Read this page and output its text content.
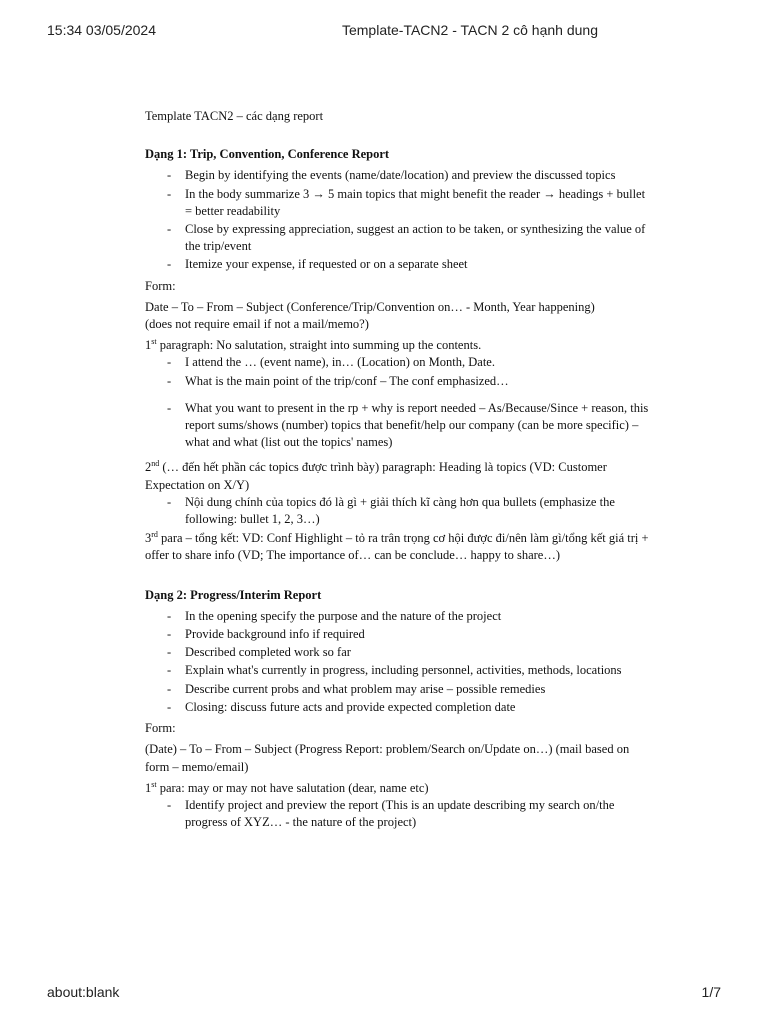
15:34 03/05/2024	Template-TACN2 - TACN 2 cô hạnh dung

Template TACN2 – các dạng report

Dạng 1: Trip, Convention, Conference Report

- Begin by identifying the events (name/date/location) and preview the discussed topics
- In the body summarize 3 → 5 main topics that might benefit the reader → headings + bullet = better readability
- Close by expressing appreciation, suggest an action to be taken, or synthesizing the value of the trip/event
- Itemize your expense, if requested or on a separate sheet

Form:

Date – To – From – Subject (Conference/Trip/Convention on… - Month, Year happening)

(does not require email if not a mail/memo?)

1st paragraph: No salutation, straight into summing up the contents.

- I attend the … (event name), in… (Location) on Month, Date.
- What is the main point of the trip/conf – The conf emphasized…
- What you want to present in the rp + why is report needed – As/Because/Since + reason, this report sums/shows (number) topics that benefit/help our company (can be more specific) – what and what (list out the topics' names)

2nd (… đến hết phần các topics được trình bày) paragraph: Heading là topics (VD: Customer Expectation on X/Y)

- Nội dung chính của topics đó là gì + giải thích kĩ càng hơn qua bullets (emphasize the following: bullet 1, 2, 3…)

3rd para – tổng kết: VD: Conf Highlight – tỏ ra trân trọng cơ hội được đi/nên làm gì/tổng kết giá trị + offer to share info (VD; The importance of… can be conclude… happy to share…)

Dạng 2: Progress/Interim Report

- In the opening specify the purpose and the nature of the project
- Provide background info if required
- Described completed work so far
- Explain what's currently in progress, including personnel, activities, methods, locations
- Describe current probs and what problem may arise – possible remedies
- Closing: discuss future acts and provide expected completion date

Form:

(Date) – To – From – Subject (Progress Report: problem/Search on/Update on…) (mail based on form – memo/email)

1st para: may or may not have salutation (dear, name etc)

- Identify project and preview the report (This is an update describing my search on/the progress of XYZ… - the nature of the project)
about:blank	1/7
